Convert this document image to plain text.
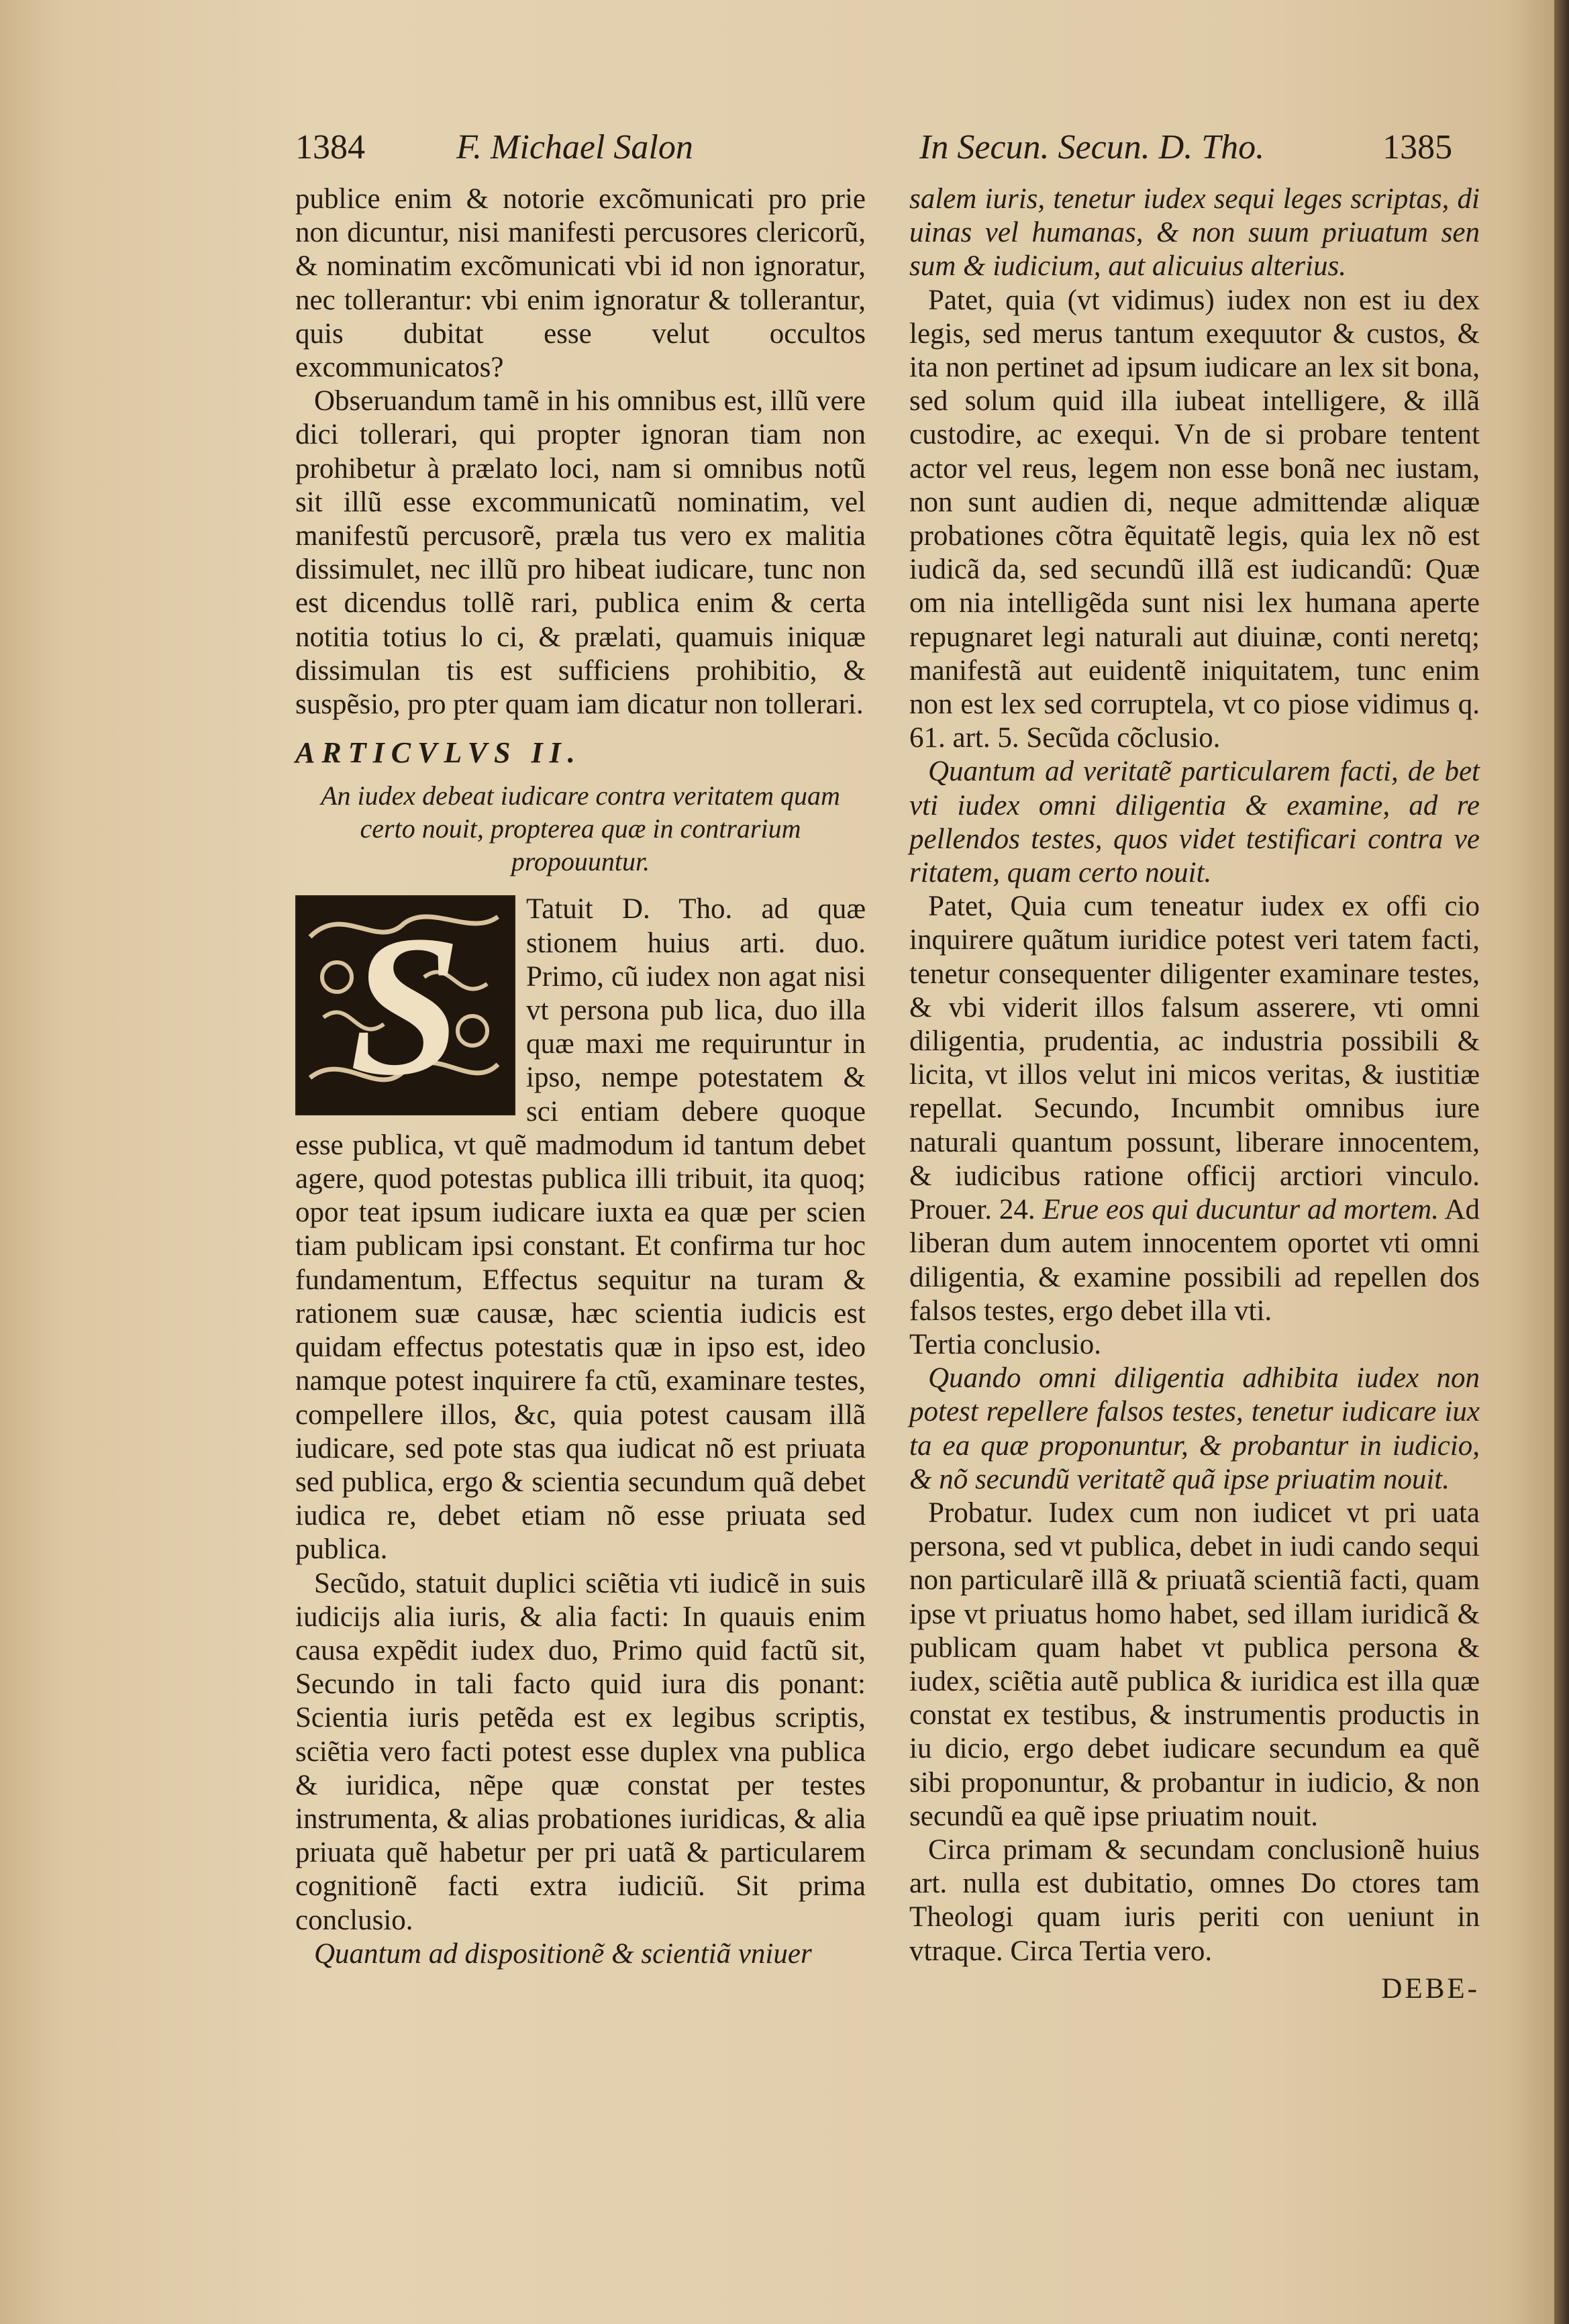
1384	F. Michael Salon	In Secun. Secun. D. Tho.	1385

publice enim & notorie excõmunicati pro prie non dicuntur, nisi manifesti percusores clericorũ, & nominatim excõmunicati vbi id non ignoratur, nec tollerantur: vbi enim ignoratur & tollerantur, quis dubitat esse velut occultos excommunicatos?

Obseruandum tamẽ in his omnibus est, illũ vere dici tollerari, qui propter ignoran tiam non prohibetur à prælato loci, nam si omnibus notũ sit illũ esse excommunicatũ nominatim, vel manifestũ percusorẽ, præla tus vero ex malitia dissimulet, nec illũ pro hibeat iudicare, tunc non est dicendus tollẽ rari, publica enim & certa notitia totius lo ci, & prælati, quamuis iniquæ dissimulan tis est sufficiens prohibitio, & suspẽsio, pro pter quam iam dicatur non tollerari.

ARTICVLVS II.

An iudex debeat iudicare contra veritatem quam certo nouit, propterea quæ in contrarium propouuntur.

S	Tatuit D. Tho. ad quæ stionem huius arti. duo. Primo, cũ iudex non agat nisi vt persona pub lica, duo illa quæ maxi me requiruntur in ipso, nempe potestatem & sci entiam debere quoque esse publica, vt quẽ madmodum id tantum debet agere, quod potestas publica illi tribuit, ita quoq; opor teat ipsum iudicare iuxta ea quæ per scien tiam publicam ipsi constant. Et confirma tur hoc fundamentum, Effectus sequitur na turam & rationem suæ causæ, hæc scientia iudicis est quidam effectus potestatis quæ in ipso est, ideo namque potest inquirere fa ctũ, examinare testes, compellere illos, &c, quia potest causam illã iudicare, sed pote stas qua iudicat nõ est priuata sed publica, ergo & scientia secundum quã debet iudica re, debet etiam nõ esse priuata sed publica.

Secũdo, statuit duplici sciẽtia vti iudicẽ in suis iudicijs alia iuris, & alia facti: In quauis enim causa expẽdit iudex duo, Primo quid factũ sit, Secundo in tali facto quid iura dis ponant: Scientia iuris petẽda est ex legibus scriptis, sciẽtia vero facti potest esse duplex vna publica & iuridica, nẽpe quæ constat per testes instrumenta, & alias probationes iuridicas, & alia priuata quẽ habetur per pri uatã & particularem cognitionẽ facti extra iudiciũ. Sit prima conclusio.

Quantum ad dispositionẽ & scientiã vniuer

salem iuris, tenetur iudex sequi leges scriptas, di uinas vel humanas, & non suum priuatum sen sum & iudicium, aut alicuius alterius.

Patet, quia (vt vidimus) iudex non est iu dex legis, sed merus tantum exequutor & custos, & ita non pertinet ad ipsum iudicare an lex sit bona, sed solum quid illa iubeat intelligere, & illã custodire, ac exequi. Vn de si probare tentent actor vel reus, legem non esse bonã nec iustam, non sunt audien di, neque admittendæ aliquæ probationes cõtra ẽquitatẽ legis, quia lex nõ est iudicã da, sed secundũ illã est iudicandũ: Quæ om nia intelligẽda sunt nisi lex humana aperte repugnaret legi naturali aut diuinæ, conti neretq; manifestã aut euidentẽ iniquitatem, tunc enim non est lex sed corruptela, vt co piose vidimus q. 61. art. 5. Secũda cõclusio.

Quantum ad veritatẽ particularem facti, de bet vti iudex omni diligentia & examine, ad re pellendos testes, quos videt testificari contra ve ritatem, quam certo nouit.

Patet, Quia cum teneatur iudex ex offi cio inquirere quãtum iuridice potest veri tatem facti, tenetur consequenter diligenter examinare testes, & vbi viderit illos falsum asserere, vti omni diligentia, prudentia, ac industria possibili & licita, vt illos velut ini micos veritas, & iustitiæ repellat. Secundo, Incumbit omnibus iure naturali quantum possunt, liberare innocentem, & iudicibus ratione officij arctiori vinculo. Prouer. 24. Erue eos qui ducuntur ad mortem. Ad liberan dum autem innocentem oportet vti omni diligentia, & examine possibili ad repellen dos falsos testes, ergo debet illa vti.

Tertia conclusio.

Quando omni diligentia adhibita iudex non potest repellere falsos testes, tenetur iudicare iux ta ea quæ proponuntur, & probantur in iudicio, & nõ secundũ veritatẽ quã ipse priuatim nouit.

Probatur. Iudex cum non iudicet vt pri uata persona, sed vt publica, debet in iudi cando sequi non particularẽ illã & priuatã scientiã facti, quam ipse vt priuatus homo habet, sed illam iuridicã & publicam quam habet vt publica persona & iudex, sciẽtia autẽ publica & iuridica est illa quæ constat ex testibus, & instrumentis productis in iu dicio, ergo debet iudicare secundum ea quẽ sibi proponuntur, & probantur in iudicio, & non secundũ ea quẽ ipse priuatim nouit.

Circa primam & secundam conclusionẽ huius art. nulla est dubitatio, omnes Do ctores tam Theologi quam iuris periti con ueniunt in vtraque. Circa Tertia vero.

DEBE-
